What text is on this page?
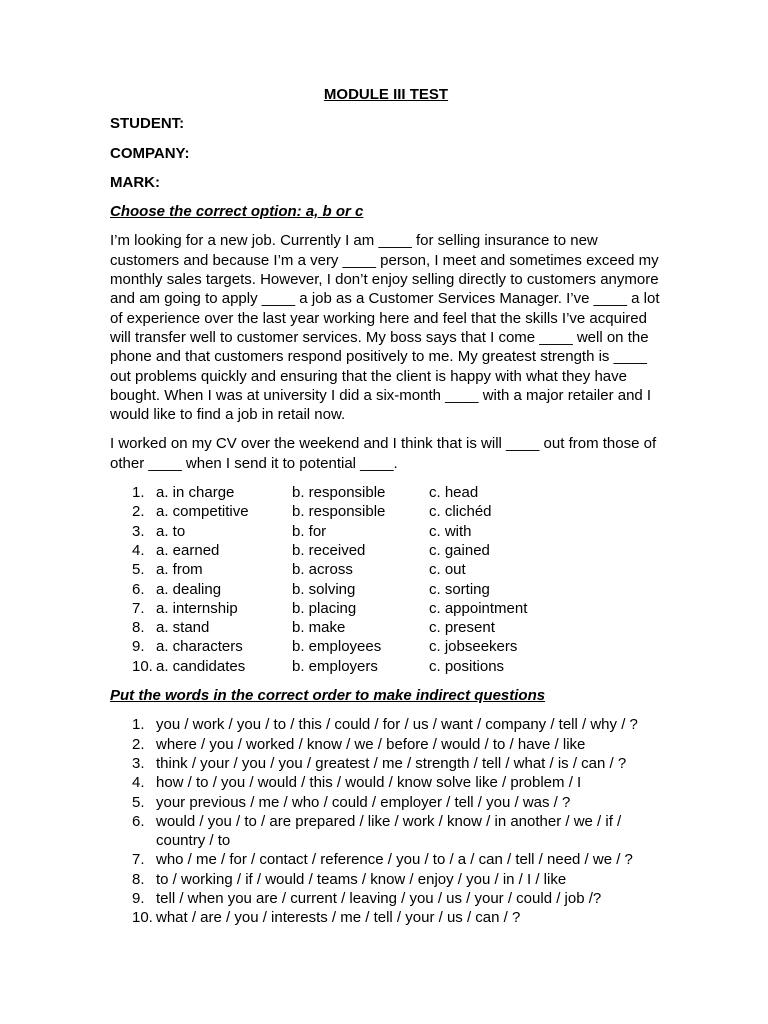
MODULE III TEST
STUDENT:
COMPANY:
MARK:
Choose the correct option: a, b or c

I’m looking for a new job. Currently I am ____ for selling insurance to new customers and because I’m a very ____ person, I meet and sometimes exceed my monthly sales targets. However, I don’t enjoy selling directly to customers anymore and am going to apply ____ a job as a Customer Services Manager. I’ve ____ a lot of experience over the last year working here and feel that the skills I’ve acquired will transfer well to customer services. My boss says that I come ____ well on the phone and that customers respond positively to me. My greatest strength is ____ out problems quickly and ensuring that the client is happy with what they have bought. When I was at university I did a six-month ____ with a major retailer and I would like to find a job in retail now.

I worked on my CV over the weekend and I think that is will ____ out from those of other ____ when I send it to potential ____.

1. a. in charge	b. responsible	c. head
2. a. competitive	b. responsible	c. clichéd
3. a. to	b. for	c. with
4. a. earned	b. received	c. gained
5. a. from	b. across	c. out
6. a. dealing	b. solving	c. sorting
7. a. internship	b. placing	c. appointment
8. a. stand	b. make	c. present
9. a. characters	b. employees	c. jobseekers
10. a. candidates	b. employers	c. positions
Put the words in the correct order to make indirect questions
1. you / work / you / to / this / could / for / us / want / company / tell / why / ?
2. where / you / worked / know / we / before / would / to / have / like
3. think / your / you / you / greatest / me / strength / tell / what / is / can / ?
4. how / to / you / would / this / would / know solve like / problem / I
5. your previous / me / who / could / employer / tell / you / was / ?
6. would / you / to / are prepared / like / work / know / in another / we / if / country / to
7. who / me / for / contact / reference / you / to / a / can / tell / need / we / ?
8. to / working / if / would / teams / know / enjoy / you / in / I / like
9. tell / when you are / current / leaving / you / us / your / could / job /?
10. what / are / you / interests / me / tell / your / us / can / ?
